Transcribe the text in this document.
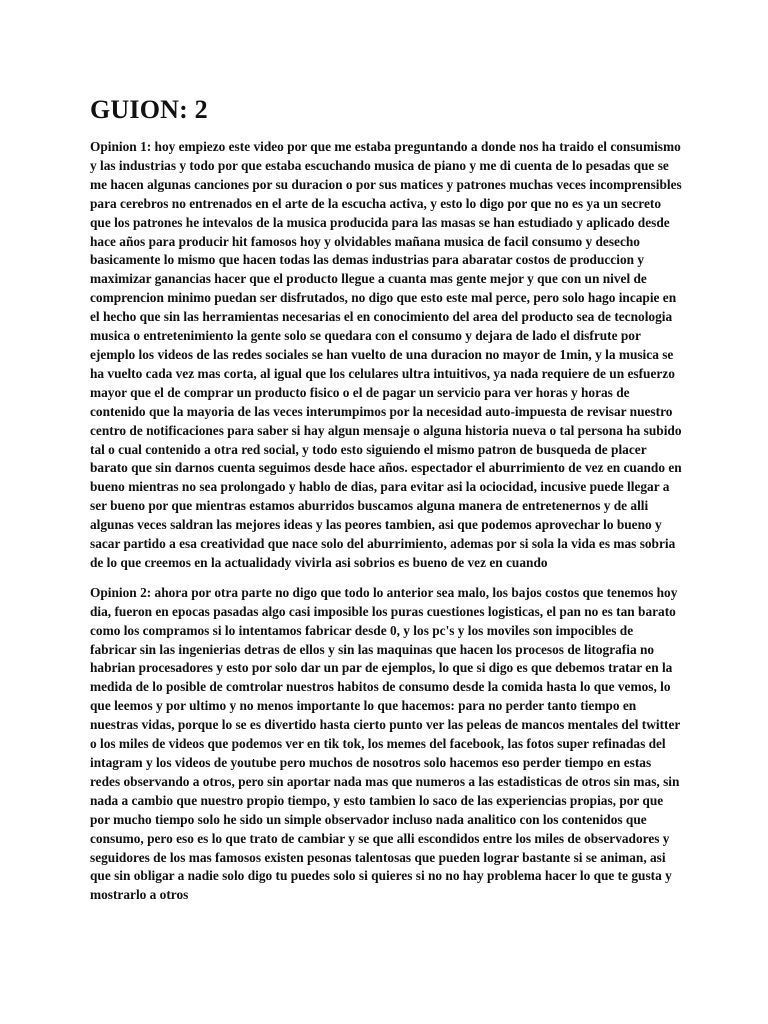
GUION: 2

Opinion 1: hoy empiezo este video por que me estaba preguntando a donde nos ha traido el consumismo y las industrias y todo por que estaba escuchando musica de piano y me di cuenta de lo pesadas que se me hacen algunas canciones por su duracion o por sus matices y patrones muchas veces incomprensibles para cerebros no entrenados en el arte de la escucha activa, y esto lo digo por que no es ya un secreto que los patrones he intevalos de la musica producida para las masas se han estudiado y aplicado desde hace años para producir hit famosos hoy y olvidables mañana musica de facil consumo y desecho basicamente lo mismo que hacen todas las demas industrias para abaratar costos de produccion y maximizar ganancias hacer que el producto llegue a cuanta mas gente mejor y que con un nivel de comprencion minimo puedan ser disfrutados, no digo que esto este mal perce, pero solo hago incapie en el hecho que sin las herramientas necesarias el en conocimiento del area del producto sea de tecnologia musica o entretenimiento la gente solo se quedara con el consumo y dejara de lado el disfrute por ejemplo los videos de las redes sociales se han vuelto de una duracion no mayor de 1min, y la musica se ha vuelto cada vez mas corta, al igual que los celulares ultra intuitivos, ya nada requiere de un esfuerzo mayor que el de comprar un producto fisico o el de pagar un servicio para ver horas y horas de contenido que la mayoria de las veces interumpimos por la necesidad auto-impuesta de revisar nuestro centro de notificaciones para saber si hay algun mensaje o alguna historia nueva o tal persona ha subido tal o cual contenido a otra red social, y todo esto siguiendo el mismo patron de busqueda de placer barato que sin darnos cuenta seguimos desde hace años. espectador el aburrimiento de vez en cuando en bueno mientras no sea prolongado y hablo de dias, para evitar asi la ociocidad, incusive puede llegar a ser bueno por que mientras estamos aburridos buscamos alguna manera de entretenernos y de alli algunas veces saldran las mejores ideas y las peores tambien, asi que podemos aprovechar lo bueno y sacar partido a esa creatividad que nace solo del aburrimiento, ademas por si sola la vida es mas sobria de lo que creemos en la actualidady vivirla asi sobrios es bueno de vez en cuando

Opinion 2: ahora por otra parte no digo que todo lo anterior sea malo, los bajos costos que tenemos hoy dia, fueron en epocas pasadas algo casi imposible los puras cuestiones logisticas, el pan no es tan barato como los compramos si lo intentamos fabricar desde 0, y los pc's y los moviles son impocibles de fabricar sin las ingenierias detras de ellos y sin las maquinas que hacen los procesos de litografia no habrian procesadores y esto por solo dar un par de ejemplos, lo que si digo es que debemos tratar en la medida de lo posible de comtrolar nuestros habitos de consumo desde la comida hasta lo que vemos, lo que leemos y por ultimo y no menos importante lo que hacemos: para no perder tanto tiempo en nuestras vidas, porque lo se es divertido hasta cierto punto ver las peleas de mancos mentales del twitter o los miles de videos que podemos ver en tik tok, los memes del facebook, las fotos super refinadas del intagram y los videos de youtube pero muchos de nosotros solo hacemos eso perder tiempo en estas redes observando a otros, pero sin aportar nada mas que numeros a las estadisticas de otros sin mas, sin nada a cambio que nuestro propio tiempo, y esto tambien lo saco de las experiencias propias, por que por mucho tiempo solo he sido un simple observador incluso nada analitico con los contenidos que consumo, pero eso es lo que trato de cambiar y se que alli escondidos entre los miles de observadores y seguidores de los mas famosos existen pesonas talentosas que pueden lograr bastante si se animan, asi que sin obligar a nadie solo digo tu puedes solo si quieres si no no hay problema hacer lo que te gusta y mostrarlo a otros
